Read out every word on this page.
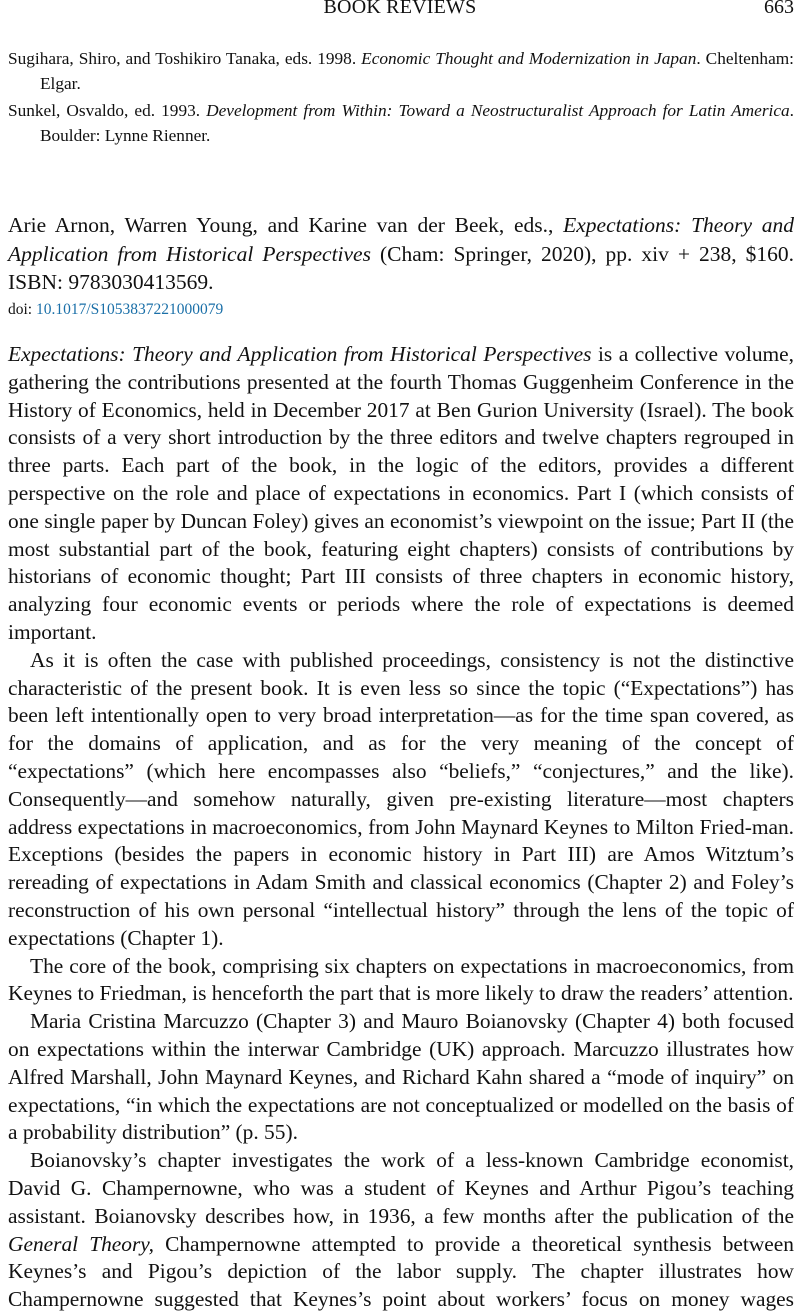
BOOK REVIEWS	663
Sugihara, Shiro, and Toshikiro Tanaka, eds. 1998. Economic Thought and Modernization in Japan. Cheltenham: Elgar.
Sunkel, Osvaldo, ed. 1993. Development from Within: Toward a Neostructuralist Approach for Latin America. Boulder: Lynne Rienner.
Arie Arnon, Warren Young, and Karine van der Beek, eds., Expectations: Theory and Application from Historical Perspectives (Cham: Springer, 2020), pp. xiv + 238, $160. ISBN: 9783030413569.
doi: 10.1017/S1053837221000079

Expectations: Theory and Application from Historical Perspectives is a collective volume, gathering the contributions presented at the fourth Thomas Guggenheim Conference in the History of Economics, held in December 2017 at Ben Gurion University (Israel). The book consists of a very short introduction by the three editors and twelve chapters regrouped in three parts. Each part of the book, in the logic of the editors, provides a different perspective on the role and place of expectations in economics. Part I (which consists of one single paper by Duncan Foley) gives an economist’s viewpoint on the issue; Part II (the most substantial part of the book, featuring eight chapters) consists of contributions by historians of economic thought; Part III consists of three chapters in economic history, analyzing four economic events or periods where the role of expectations is deemed important.

As it is often the case with published proceedings, consistency is not the distinctive characteristic of the present book. It is even less so since the topic (“Expectations”) has been left intentionally open to very broad interpretation—as for the time span covered, as for the domains of application, and as for the very meaning of the concept of “expectations” (which here encompasses also “beliefs,” “conjectures,” and the like). Consequently—and somehow naturally, given pre-existing literature—most chapters address expectations in macroeconomics, from John Maynard Keynes to Milton Fried-man. Exceptions (besides the papers in economic history in Part III) are Amos Witztum’s rereading of expectations in Adam Smith and classical economics (Chapter 2) and Foley’s reconstruction of his own personal “intellectual history” through the lens of the topic of expectations (Chapter 1).

The core of the book, comprising six chapters on expectations in macroeconomics, from Keynes to Friedman, is henceforth the part that is more likely to draw the readers’ attention.

Maria Cristina Marcuzzo (Chapter 3) and Mauro Boianovsky (Chapter 4) both focused on expectations within the interwar Cambridge (UK) approach. Marcuzzo illustrates how Alfred Marshall, John Maynard Keynes, and Richard Kahn shared a “mode of inquiry” on expectations, “in which the expectations are not conceptualized or modelled on the basis of a probability distribution” (p. 55).

Boianovsky’s chapter investigates the work of a less-known Cambridge economist, David G. Champernowne, who was a student of Keynes and Arthur Pigou’s teaching assistant. Boianovsky describes how, in 1936, a few months after the publication of the General Theory, Champernowne attempted to provide a theoretical synthesis between Keynes’s and Pigou’s depiction of the labor supply. The chapter illustrates how Champernowne suggested that Keynes’s point about workers’ focus on money wages
